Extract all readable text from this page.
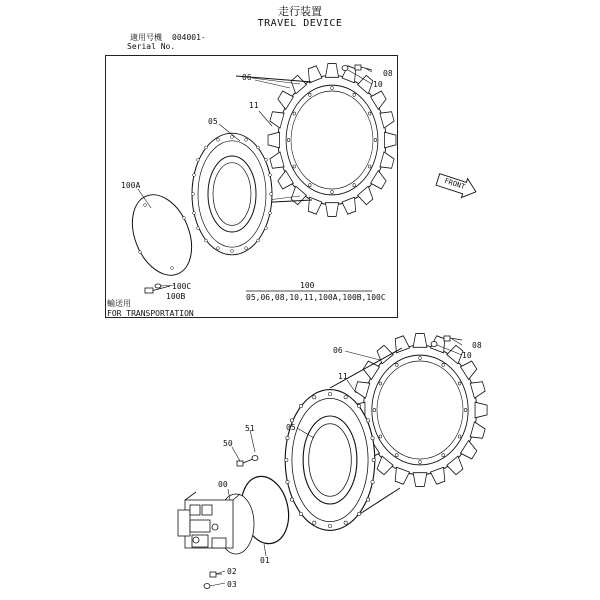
走行装置
TRAVEL DEVICE
適用号機 004001-
Serial No.
06	08
10
11
05
100A
100C
100B
100
05,06,08,10,11,100A,100B,100C
輸送用
FOR TRANSPORTATION
FRONT
06
08
10
11
05
51
50
00
01
02
03
